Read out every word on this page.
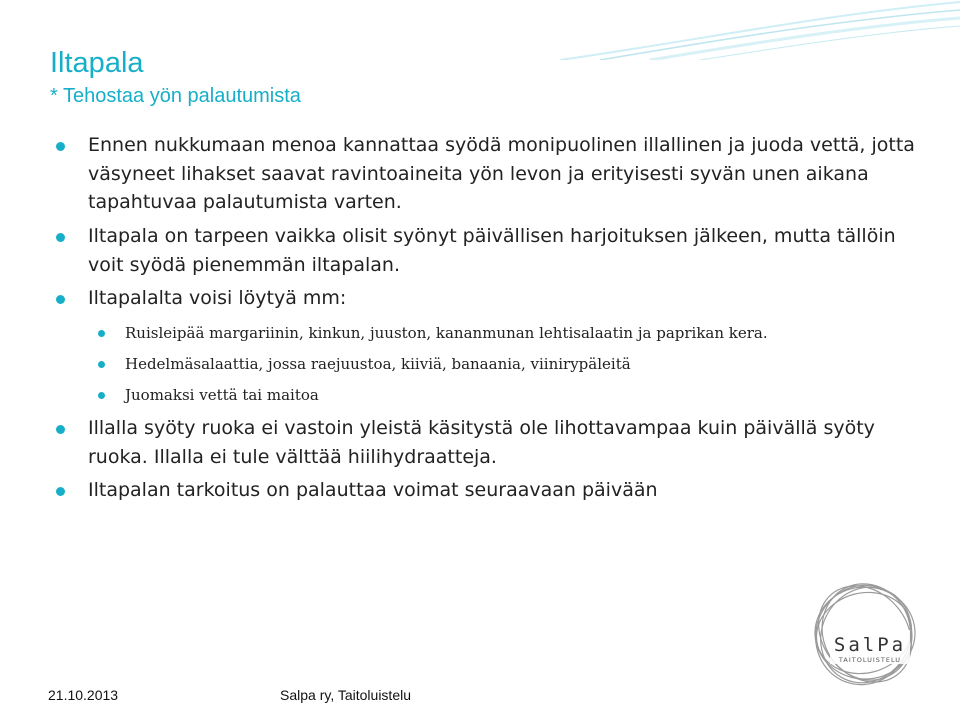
Iltapala
* Tehostaa yön palautumista
Ennen nukkumaan menoa kannattaa syödä monipuolinen illallinen ja juoda vettä, jotta väsyneet lihakset saavat ravintoaineita yön levon ja erityisesti syvän unen aikana tapahtuvaa palautumista varten.
Iltapala on tarpeen vaikka olisit syönyt päivällisen harjoituksen jälkeen, mutta tällöin voit syödä pienemmän iltapalan.
Iltapalalta voisi löytyä mm:
Ruisleipää margariinin, kinkun, juuston, kananmunan lehtisalaatin ja paprikan kera.
Hedelmäsalaattia, jossa raejuustoa, kiiviä, banaania, viinirypäleitä
Juomaksi vettä tai maitoa
Illalla syöty ruoka ei vastoin yleistä käsitystä ole lihottavampaa kuin päivällä syöty ruoka. Illalla ei tule välttää hiilihydraatteja.
Iltapalan tarkoitus on palauttaa voimat seuraavaan päivään
21.10.2013	Salpa ry, Taitoluistelu
SalPa
TAITOLUISTELU
